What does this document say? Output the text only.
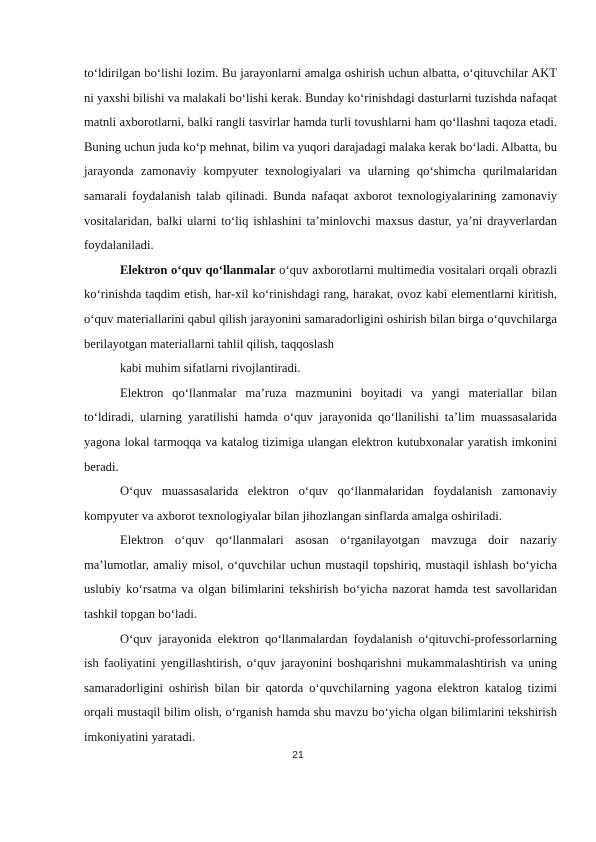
to‘ldirilgan bo‘lishi lozim. Bu jarayonlarni amalga oshirish uchun albatta, o‘qituvchilar AKT ni yaxshi bilishi va malakali bo‘lishi kerak. Bunday ko‘rinishdagi dasturlarni tuzishda nafaqat matnli axborotlarni, balki rangli tasvirlar hamda turli tovushlarni ham qo‘llashni taqoza etadi. Buning uchun juda ko‘p mehnat, bilim va yuqori darajadagi malaka kerak bo‘ladi. Albatta, bu jarayonda zamonaviy kompyuter texnologiyalari va ularning qo‘shimcha qurilmalaridan samarali foydalanish talab qilinadi. Bunda nafaqat axborot texnologiyalarining zamonaviy vositalaridan, balki ularni to‘liq ishlashini ta’minlovchi maxsus dastur, ya’ni drayverlardan foydalaniladi.

Elektron o‘quv qo‘llanmalar o‘quv axborotlarni multimedia vositalari orqali obrazli ko‘rinishda taqdim etish, har-xil ko‘rinishdagi rang, harakat, ovoz kabi elementlarni kiritish, o‘quv materiallarini qabul qilish jarayonini samaradorligini oshirish bilan birga o‘quvchilarga berilayotgan materiallarni tahlil qilish, taqqoslash

kabi muhim sifatlarni rivojlantiradi.

Elektron qo‘llanmalar ma’ruza mazmunini boyitadi va yangi materiallar bilan to‘ldiradi, ularning yaratilishi hamda o‘quv jarayonida qo‘llanilishi ta’lim muassasalarida yagona lokal tarmoqqa va katalog tizimiga ulangan elektron kutubxonalar yaratish imkonini beradi.

O‘quv muassasalarida elektron o‘quv qo‘llanmalaridan foydalanish zamonaviy kompyuter va axborot texnologiyalar bilan jihozlangan sinflarda amalga oshiriladi.

Elektron o‘quv qo‘llanmalari asosan o‘rganilayotgan mavzuga doir nazariy ma’lumotlar, amaliy misol, o‘quvchilar uchun mustaqil topshiriq, mustaqil ishlash bo‘yicha uslubiy ko‘rsatma va olgan bilimlarini tekshirish bo‘yicha nazorat hamda test savollaridan tashkil topgan bo‘ladi.

O‘quv jarayonida elektron qo‘llanmalardan foydalanish o‘qituvchi-professorlarning ish faoliyatini yengillashtirish, o‘quv jarayonini boshqarishni mukammalashtirish va uning samaradorligini oshirish bilan bir qatorda o‘quvchilarning yagona elektron katalog tizimi orqali mustaqil bilim olish, o‘rganish hamda shu mavzu bo‘yicha olgan bilimlarini tekshirish imkoniyatini yaratadi.

21
